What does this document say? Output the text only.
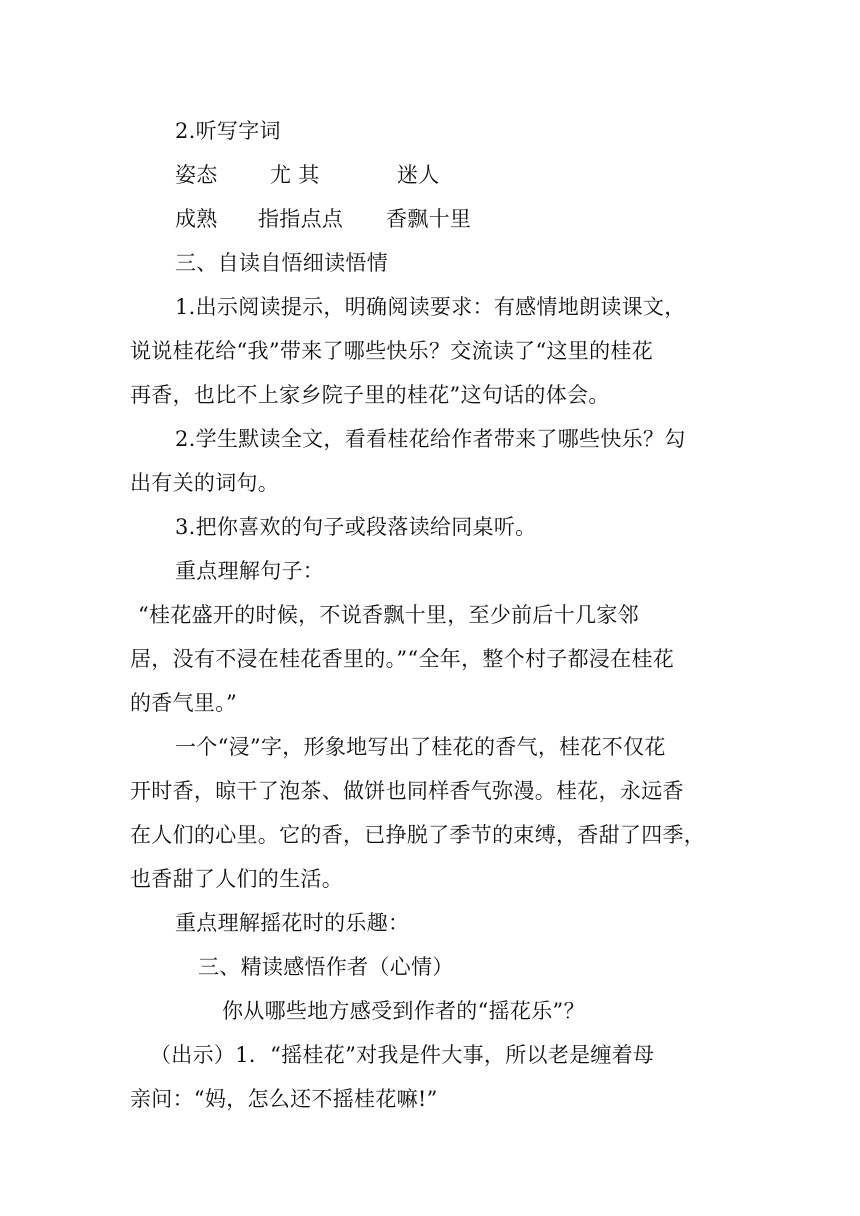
2.听写字词
姿态 尤 其	迷人
成熟 指指点点 香飘十里
三、自读自悟细读悟情
1.出示阅读提示，明确阅读要求：有感情地朗读课文，
说说桂花给“我”带来了哪些快乐？交流读了“这里的桂花
再香，也比不上家乡院子里的桂花”这句话的体会。
2.学生默读全文，看看桂花给作者带来了哪些快乐？勾
出有关的词句。
3.把你喜欢的句子或段落读给同桌听。
重点理解句子：
“桂花盛开的时候，不说香飘十里，至少前后十几家邻
居，没有不浸在桂花香里的。”“全年，整个村子都浸在桂花
的香气里。”
一个“浸”字，形象地写出了桂花的香气，桂花不仅花
开时香，晾干了泡茶、做饼也同样香气弥漫。桂花，永远香
在人们的心里。它的香，已挣脱了季节的束缚，香甜了四季，
也香甜了人们的生活。
重点理解摇花时的乐趣：
三、精读感悟作者（心情）
你从哪些地方感受到作者的“摇花乐”？
（出示）1．“摇桂花”对我是件大事，所以老是缠着母
亲问：“妈，怎么还不摇桂花嘛!”
